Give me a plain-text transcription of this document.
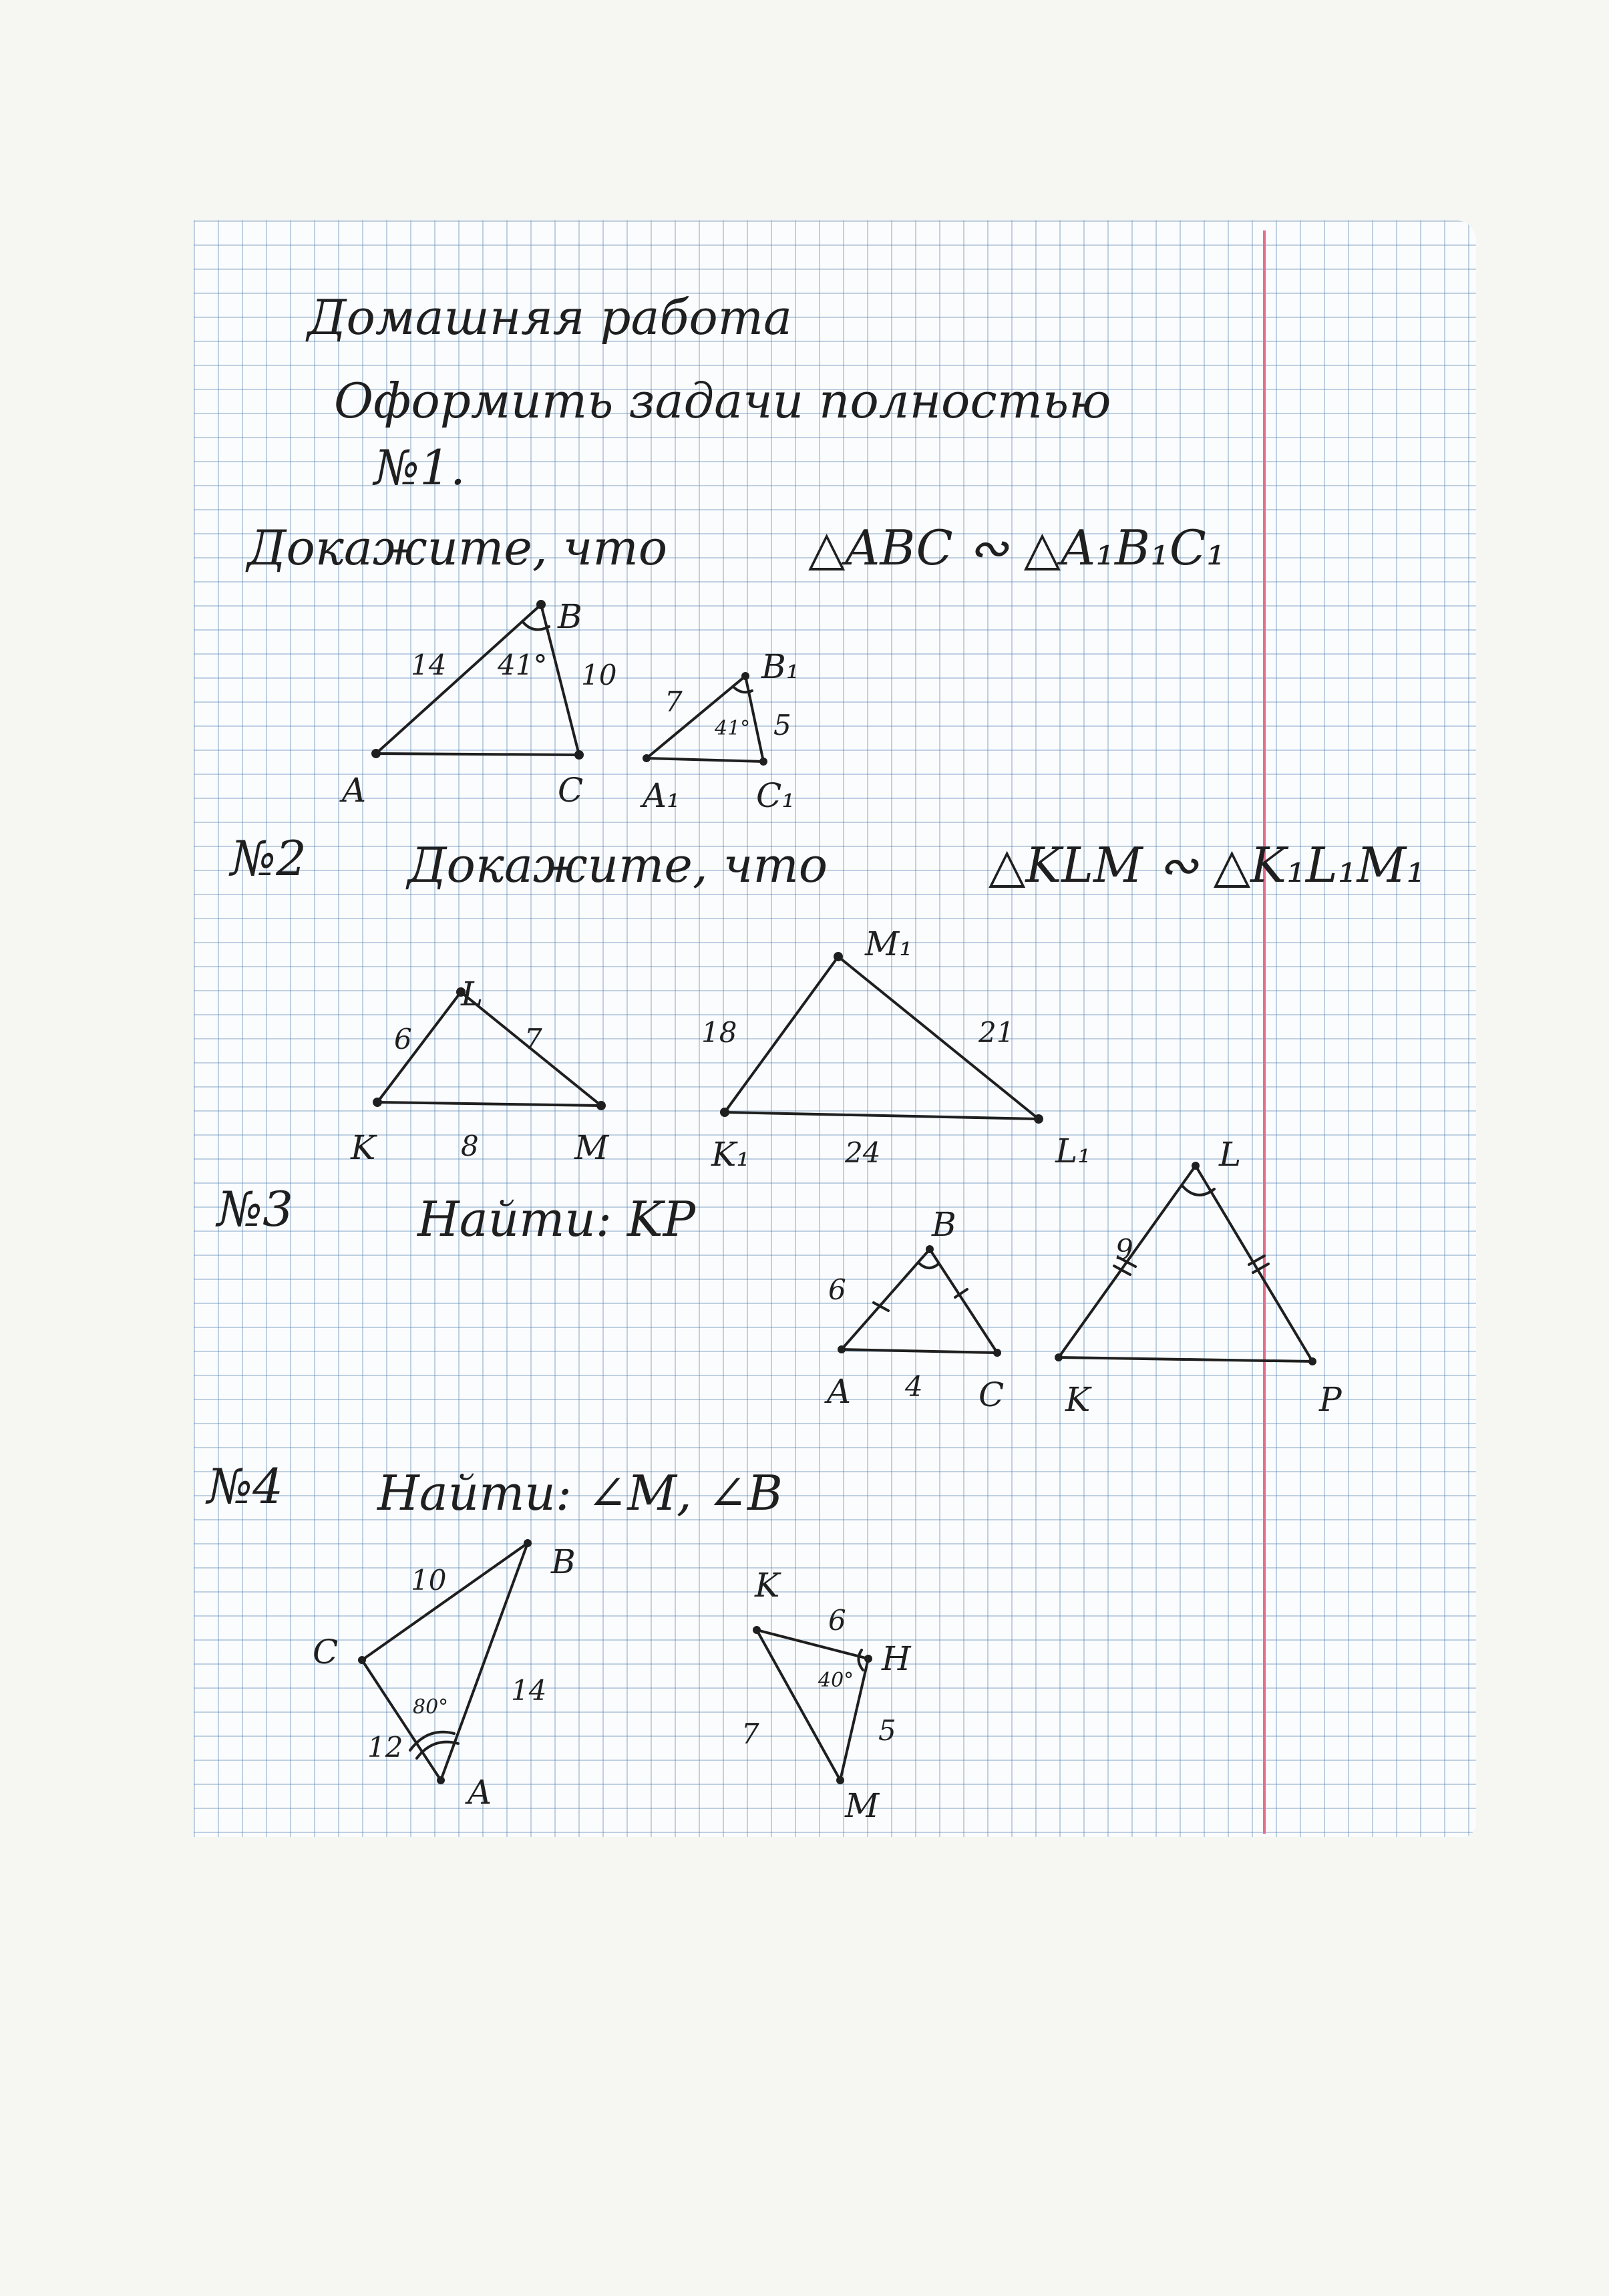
Домашняя работа
Оформить задачи полностью
№1.
Докажите, что	△ABC ∾ △A₁B₁C₁
A
B
C
14	10
41°
A₁
B₁
C₁
7
5
41°
№2 Докажите, что	△KLM ∾ △K₁L₁M₁
K
L
M
6	7
8	K₁
M₁
L₁
18	21
24
№3	Найти: KP
A
B
C
6
4	K
L
P
9
№4 Найти: ∠M, ∠B
C
B
A
10
14
12
80°
K
H
M
6
7	5
40°
